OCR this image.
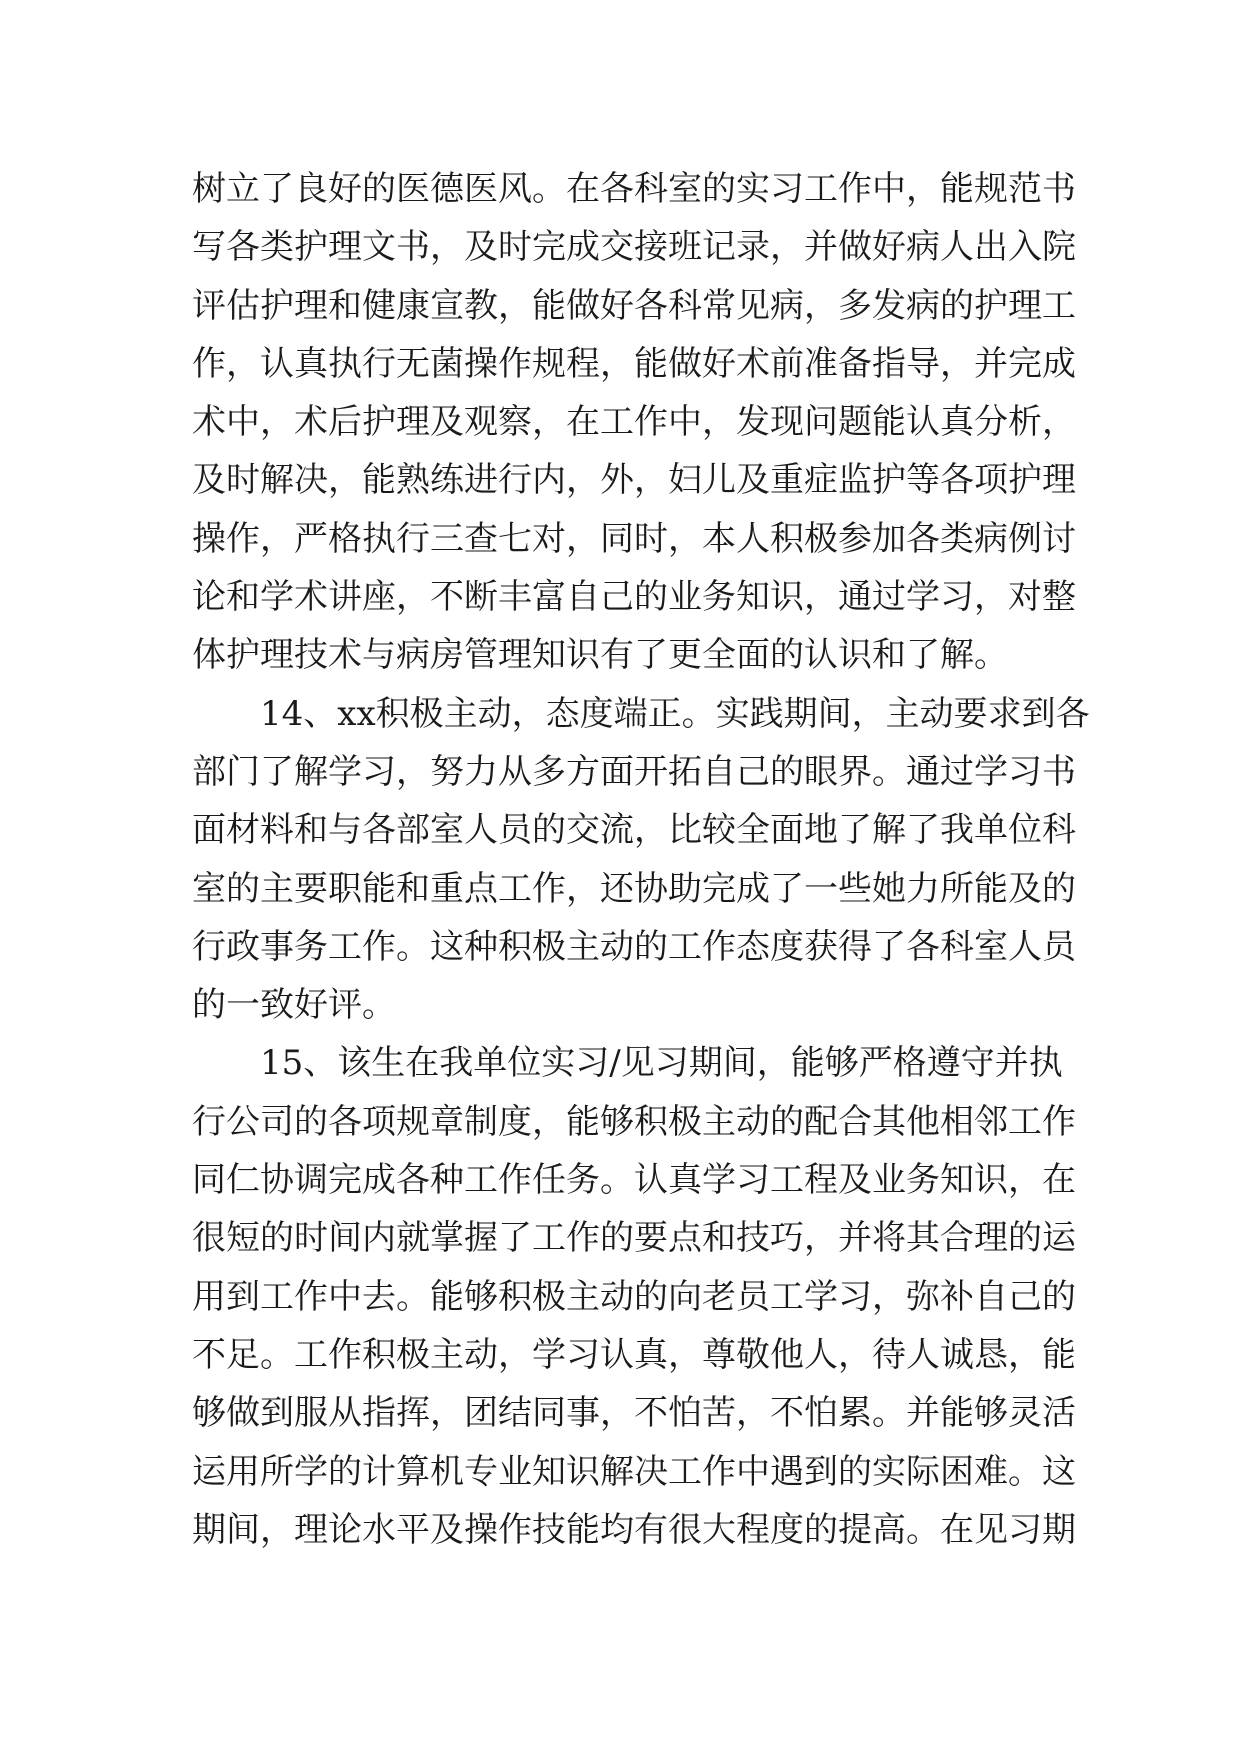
树立了良好的医德医风。在各科室的实习工作中，能规范书
写各类护理文书，及时完成交接班记录，并做好病人出入院
评估护理和健康宣教，能做好各科常见病，多发病的护理工
作，认真执行无菌操作规程，能做好术前准备指导，并完成
术中，术后护理及观察，在工作中，发现问题能认真分析，
及时解决，能熟练进行内，外，妇儿及重症监护等各项护理
操作，严格执行三查七对，同时，本人积极参加各类病例讨
论和学术讲座，不断丰富自己的业务知识，通过学习，对整
体护理技术与病房管理知识有了更全面的认识和了解。
14、xx积极主动，态度端正。实践期间，主动要求到各
部门了解学习，努力从多方面开拓自己的眼界。通过学习书
面材料和与各部室人员的交流，比较全面地了解了我单位科
室的主要职能和重点工作，还协助完成了一些她力所能及的
行政事务工作。这种积极主动的工作态度获得了各科室人员
的一致好评。
15、该生在我单位实习/见习期间，能够严格遵守并执
行公司的各项规章制度，能够积极主动的配合其他相邻工作
同仁协调完成各种工作任务。认真学习工程及业务知识，在
很短的时间内就掌握了工作的要点和技巧，并将其合理的运
用到工作中去。能够积极主动的向老员工学习，弥补自己的
不足。工作积极主动，学习认真，尊敬他人，待人诚恳，能
够做到服从指挥，团结同事，不怕苦，不怕累。并能够灵活
运用所学的计算机专业知识解决工作中遇到的实际困难。这
期间，理论水平及操作技能均有很大程度的提高。在见习期
